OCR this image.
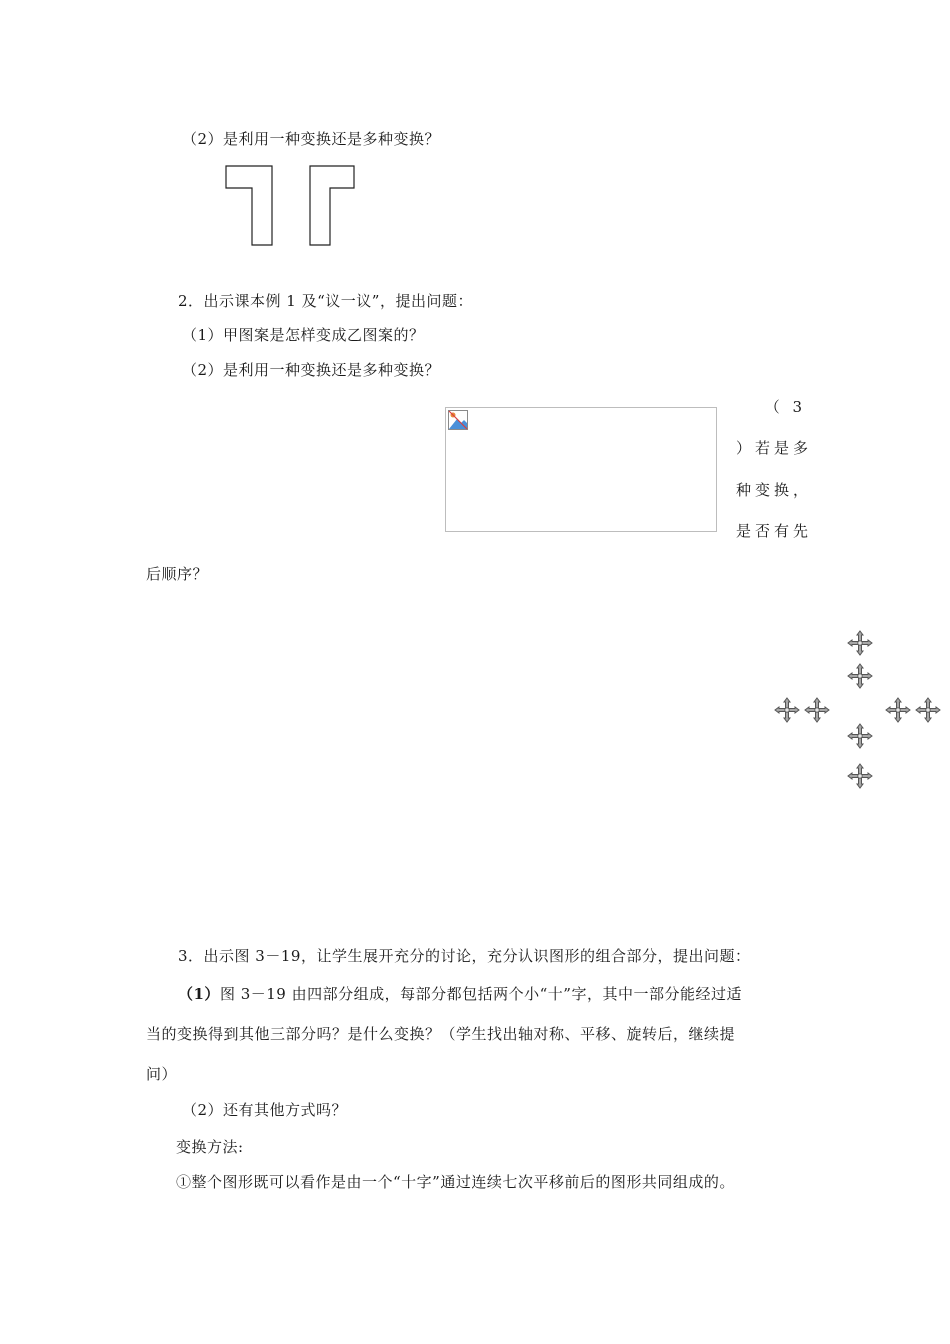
（2）是利用一种变换还是多种变换？
2．出示课本例 1 及“议一议”，提出问题：
（1）甲图案是怎样变成乙图案的？
（2）是利用一种变换还是多种变换？
（ 3
）若是多
种变换，
是否有先
后顺序？
3．出示图 3－19，让学生展开充分的讨论，充分认识图形的组合部分，提出问题：
（1）图 3－19 由四部分组成，每部分都包括两个小“十”字，其中一部分能经过适
当的变换得到其他三部分吗？是什么变换？（学生找出轴对称、平移、旋转后，继续提
问）
（2）还有其他方式吗？
变换方法:
①整个图形既可以看作是由一个“十字”通过连续七次平移前后的图形共同组成的。
